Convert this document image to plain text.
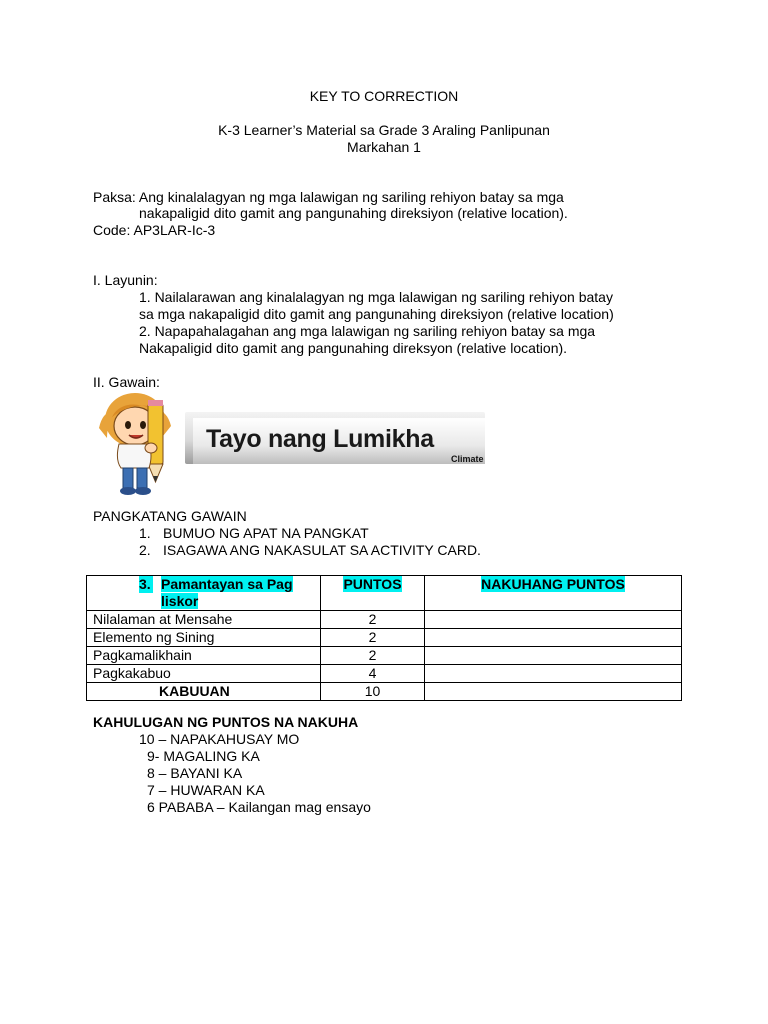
KEY TO CORRECTION
K-3 Learner’s Material sa Grade 3 Araling Panlipunan
Markahan 1
Paksa: Ang kinalalagyan ng mga lalawigan ng sariling rehiyon batay sa mga
nakapaligid dito gamit ang pangunahing direksiyon (relative location).
Code: AP3LAR-Ic-3
I. Layunin:
1. Nailalarawan ang kinalalagyan ng mga lalawigan ng sariling rehiyon batay
sa mga nakapaligid dito gamit ang pangunahing direksiyon (relative location)
2. Napapahalagahan ang mga lalawigan ng sariling rehiyon batay sa mga
Nakapaligid dito gamit ang pangunahing direksyon (relative location).
II. Gawain:
Tayo nang Lumikha
Climate
PANGKATANG GAWAIN
1. BUMUO NG APAT NA PANGKAT
2. ISAGAWA ANG NAKASULAT SA ACTIVITY CARD.
3. Pamantayan sa Pag
liskor	PUNTOS	NAKUHANG PUNTOS
Nilalaman at Mensahe	2	
Elemento ng Sining	2	
Pagkamalikhain	2	
Pagkakabuo	4	
KABUUAN	10	
KAHULUGAN NG PUNTOS NA NAKUHA
10 – NAPAKAHUSAY MO
9- MAGALING KA
8 – BAYANI KA
7 – HUWARAN KA
6 PABABA – Kailangan mag ensayo
